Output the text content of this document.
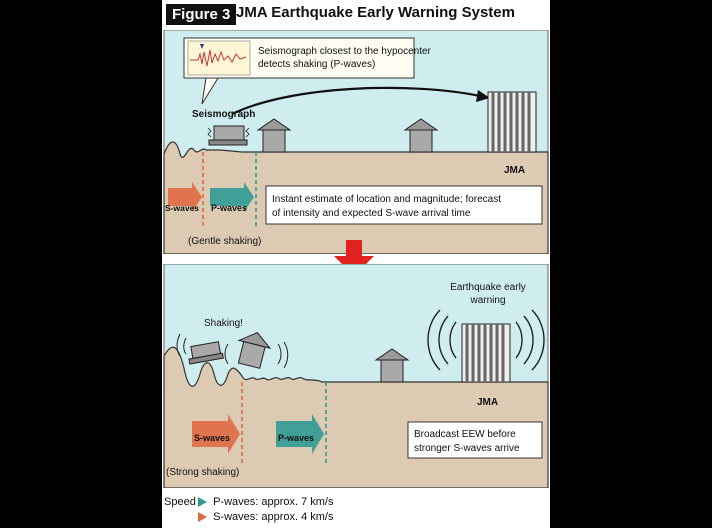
Figure 3 JMA Earthquake Early Warning System
Seismograph closest to the hypocenter
detects shaking (P-waves)
Seismograph
JMA
S-waves P-waves
Instant estimate of location and magnitude; forecast
of intensity and expected S-wave arrival time
(Gentle shaking)
Shaking!
Earthquake early
warning
JMA
S-waves	P-waves	Broadcast EEW before
stronger S-waves arrive
(Strong shaking)
Speed	P-waves: approx. 7 km/s
S-waves: approx. 4 km/s
